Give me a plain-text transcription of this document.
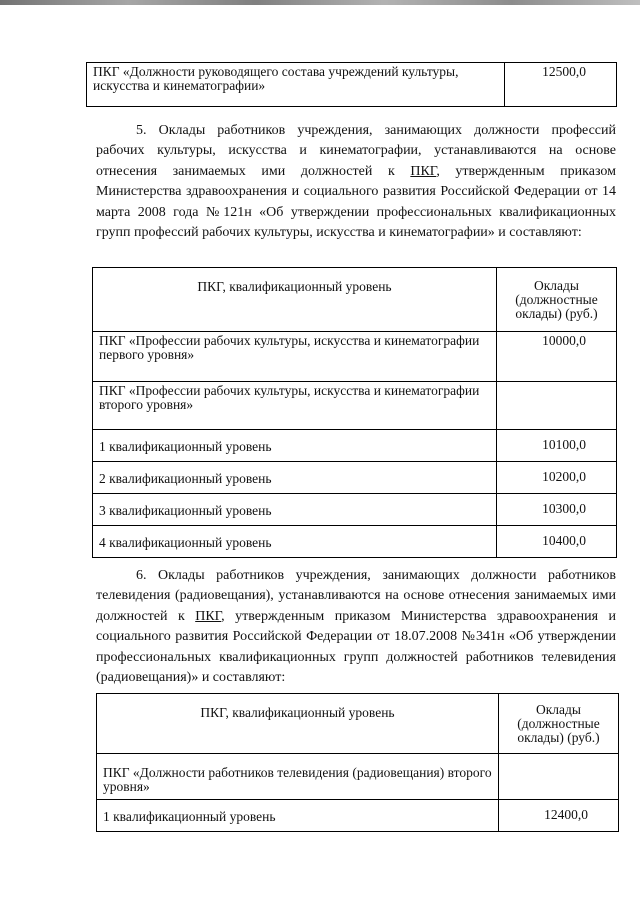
ПКГ «Должности руководящего состава учреждений культуры, искусства и кинематографии»	12500,0
5. Оклады работников учреждения, занимающих должности профессий рабочих культуры, искусства и кинематографии, устанавливаются на основе отнесения занимаемых ими должностей к ПКГ, утвержденным приказом Министерства здравоохранения и социального развития Российской Федерации от 14 марта 2008 года №121н «Об утверждении профессиональных квалификационных групп профессий рабочих культуры, искусства и кинематографии» и составляют:
ПКГ, квалификационный уровень	Оклады (должностные оклады) (руб.)
ПКГ «Профессии рабочих культуры, искусства и кинематографии первого уровня»	10000,0
ПКГ «Профессии рабочих культуры, искусства и кинематографии второго уровня»	
1 квалификационный уровень	10100,0
2 квалификационный уровень	10200,0
3 квалификационный уровень	10300,0
4 квалификационный уровень	10400,0
6. Оклады работников учреждения, занимающих должности работников телевидения (радиовещания), устанавливаются на основе отнесения занимаемых ими должностей к ПКГ, утвержденным приказом Министерства здравоохранения и социального развития Российской Федерации от 18.07.2008 №341н «Об утверждении профессиональных квалификационных групп должностей работников телевидения (радиовещания)» и составляют:
ПКГ, квалификационный уровень	Оклады (должностные оклады) (руб.)
ПКГ «Должности работников телевидения (радиовещания) второго уровня»	
1 квалификационный уровень	12400,0
